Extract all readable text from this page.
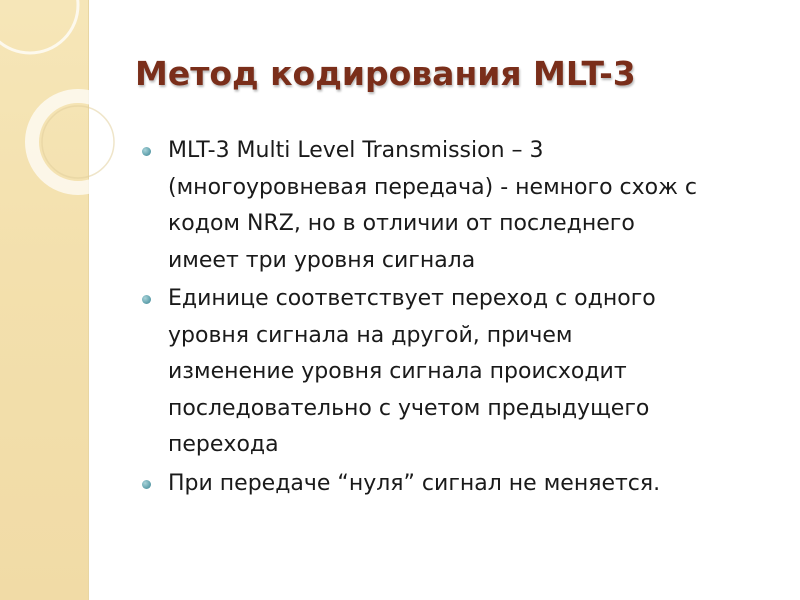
Метод кодирования MLT-3
MLT-3 Multi Level Transmission – 3
(многоуровневая передача) - немного схож с
кодом NRZ, но в отличии от последнего
имеет три уровня сигнала
Единице соответствует переход с одного
уровня сигнала на другой, причем
изменение уровня сигнала происходит
последовательно с учетом предыдущего
перехода
При передаче “нуля” сигнал не меняется.
